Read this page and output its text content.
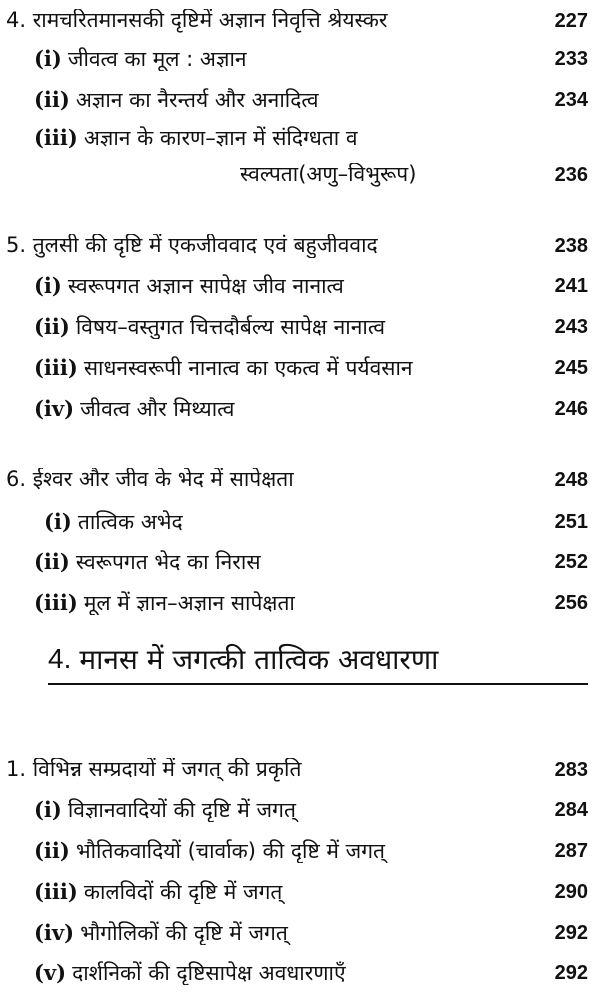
4. रामचरितमानसकी दृष्टिमें अज्ञान निवृत्ति श्रेयस्कर	227
(i) जीवत्व का मूल : अज्ञान	233
(ii) अज्ञान का नैरन्तर्य और अनादित्व	234
(iii) अज्ञान के कारण–ज्ञान में संदिग्धता व
स्वल्पता(अणु–विभुरूप)	236
5. तुलसी की दृष्टि में एकजीववाद एवं बहुजीववाद	238
(i) स्वरूपगत अज्ञान सापेक्ष जीव नानात्व	241
(ii) विषय–वस्तुगत चित्तदौर्बल्य सापेक्ष नानात्व	243
(iii) साधनस्वरूपी नानात्व का एकत्व में पर्यवसान	245
(iv) जीवत्व और मिथ्यात्व	246
6. ईश्वर और जीव के भेद में सापेक्षता	248
(i) तात्विक अभेद	251
(ii) स्वरूपगत भेद का निरास	252
(iii) मूल में ज्ञान–अज्ञान सापेक्षता	256
4. मानस में जगत्की तात्विक अवधारणा
1. विभिन्न सम्प्रदायों में जगत् की प्रकृति	283
(i) विज्ञानवादियों की दृष्टि में जगत्	284
(ii) भौतिकवादियों (चार्वाक) की दृष्टि में जगत्	287
(iii) कालविदों की दृष्टि में जगत्	290
(iv) भौगोलिकों की दृष्टि में जगत्	292
(v) दार्शनिकों की दृष्टिसापेक्ष अवधारणाएँ	292
